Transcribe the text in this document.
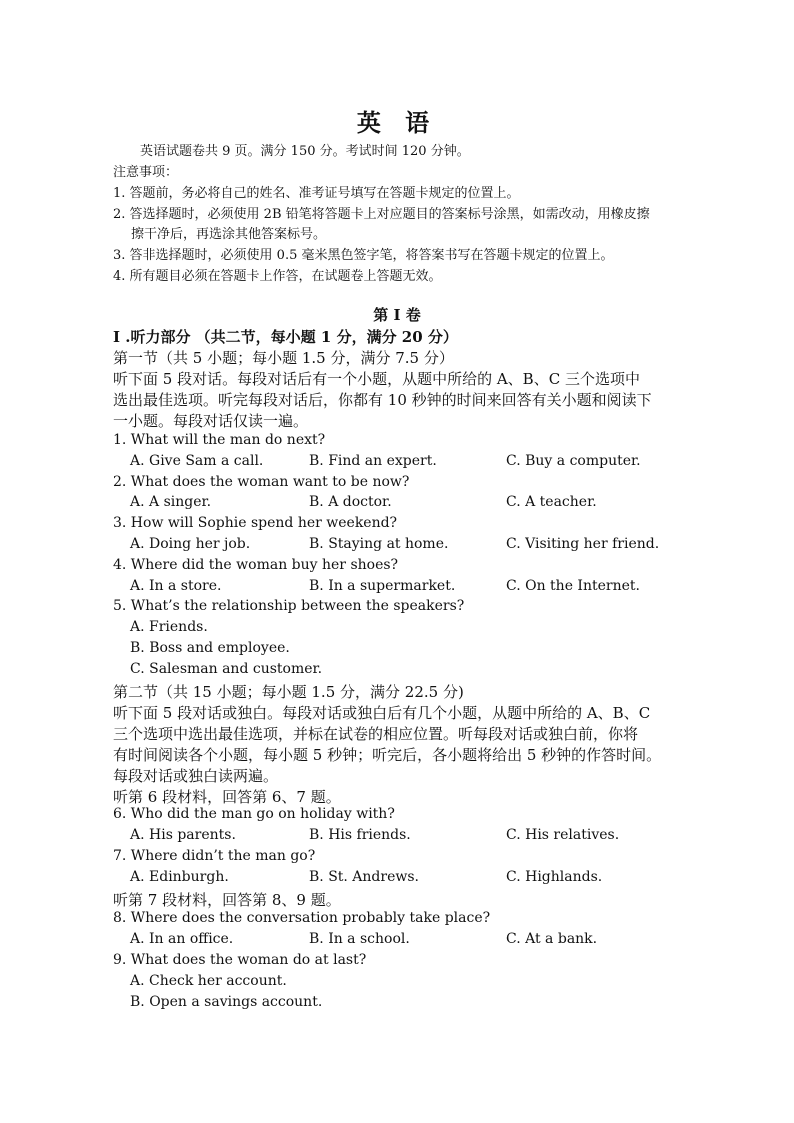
英 语
英语试题卷共 9 页。满分 150 分。考试时间 120 分钟。
注意事项：
1. 答题前，务必将自己的姓名、准考证号填写在答题卡规定的位置上。
2. 答选择题时，必须使用 2B 铅笔将答题卡上对应题目的答案标号涂黑，如需改动，用橡皮擦
擦干净后，再选涂其他答案标号。
3. 答非选择题时，必须使用 0.5 毫米黑色签字笔，将答案书写在答题卡规定的位置上。
4. 所有题目必须在答题卡上作答，在试题卷上答题无效。
第 I 卷
I .听力部分 （共二节，每小题 1 分，满分 20 分）
第一节（共 5 小题；每小题 1.5 分，满分 7.5 分）
听下面 5 段对话。每段对话后有一个小题，从题中所给的 A、B、C 三个选项中
选出最佳选项。听完每段对话后，你都有 10 秒钟的时间来回答有关小题和阅读下
一小题。每段对话仅读一遍。
1. What will the man do next?
A. Give Sam a call.	B. Find an expert.	C. Buy a computer.
2. What does the woman want to be now?
A. A singer.	B. A doctor.	C. A teacher.
3. How will Sophie spend her weekend?
A. Doing her job.	B. Staying at home.	C. Visiting her friend.
4. Where did the woman buy her shoes?
A. In a store.	B. In a supermarket.	C. On the Internet.
5. What’s the relationship between the speakers?
A. Friends.
B. Boss and employee.
C. Salesman and customer.
第二节（共 15 小题；每小题 1.5 分，满分 22.5 分)
听下面 5 段对话或独白。每段对话或独白后有几个小题，从题中所给的 A、B、C
三个选项中选出最佳选项，并标在试卷的相应位置。听每段对话或独白前，你将
有时间阅读各个小题，每小题 5 秒钟；听完后，各小题将给出 5 秒钟的作答时间。
每段对话或独白读两遍。
听第 6 段材料，回答第 6、7 题。
6. Who did the man go on holiday with?
A. His parents.	B. His friends.	C. His relatives.
7. Where didn’t the man go?
A. Edinburgh.	B. St. Andrews.	C. Highlands.
听第 7 段材料，回答第 8、9 题。
8. Where does the conversation probably take place?
A. In an office.	B. In a school.	C. At a bank.
9. What does the woman do at last?
A. Check her account.
B. Open a savings account.
